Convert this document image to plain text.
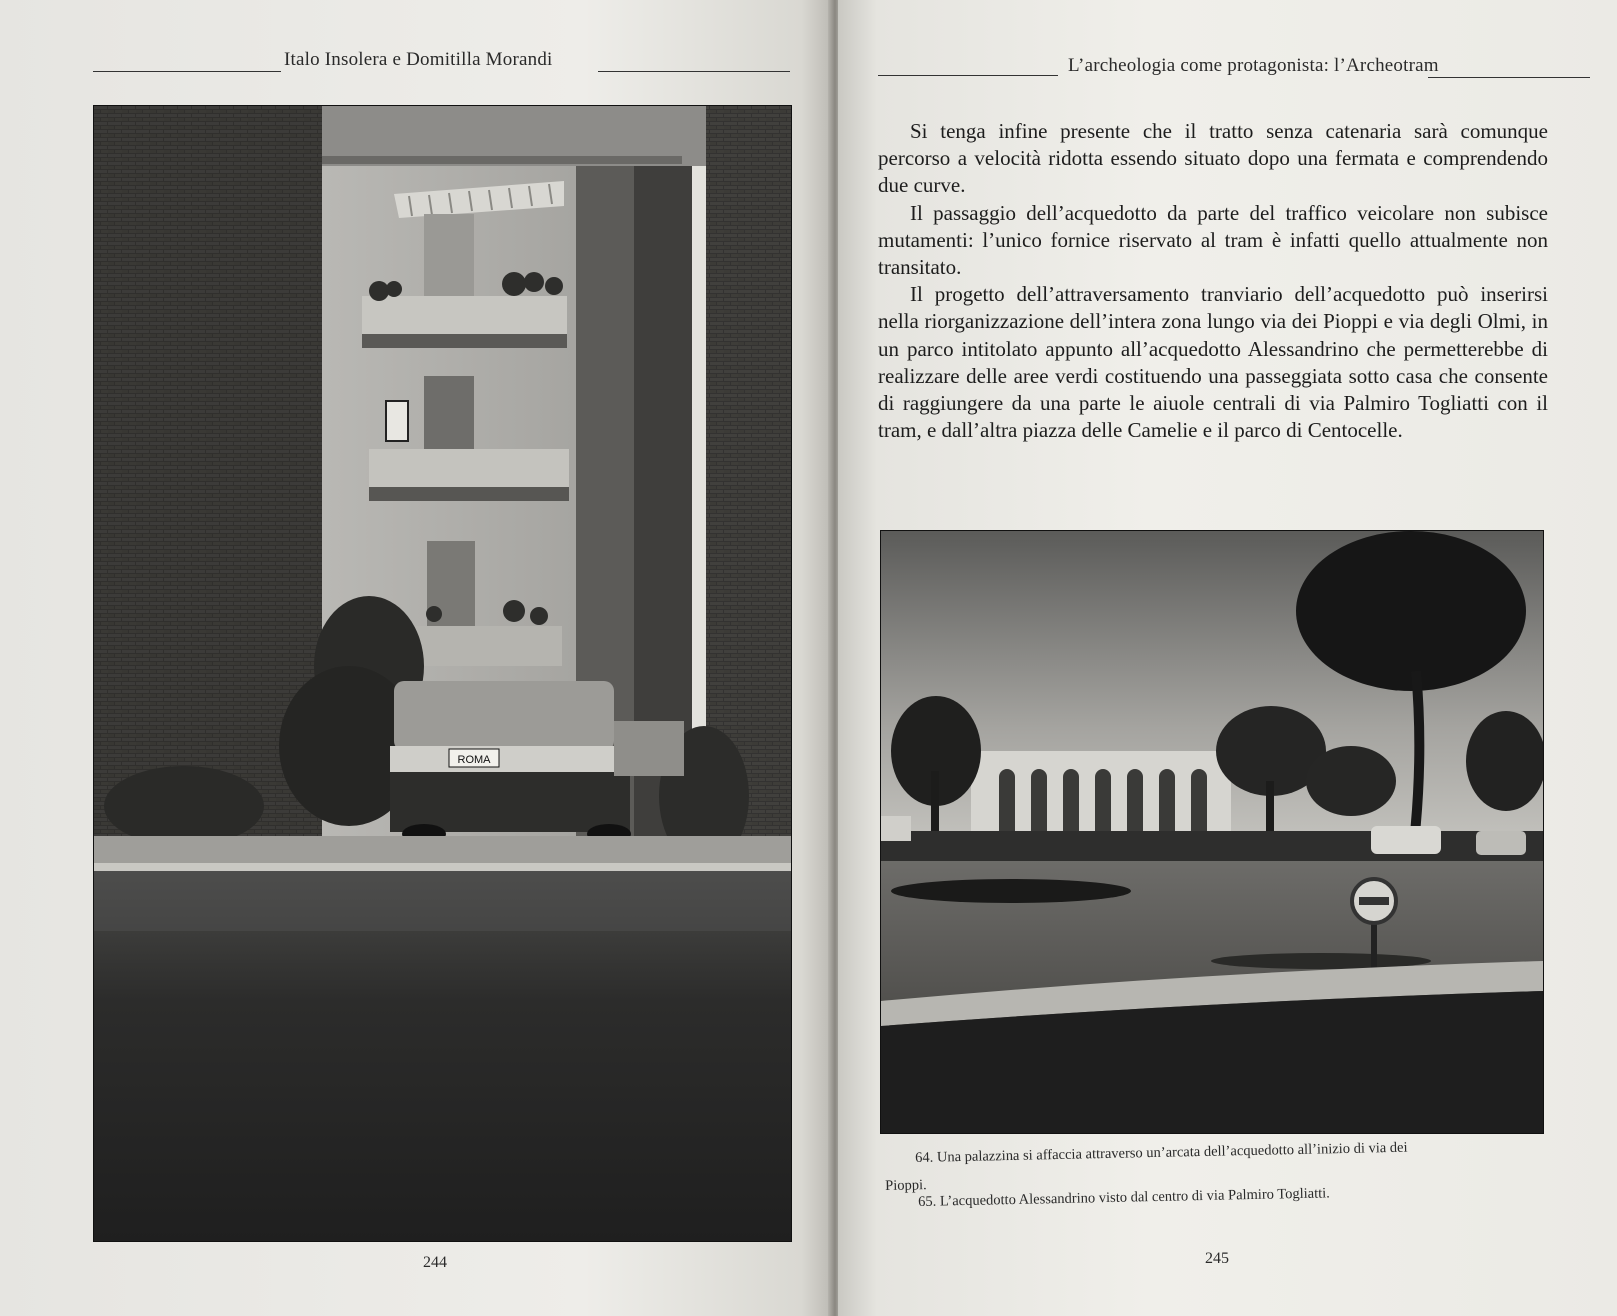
Italo Insolera e Domitilla Morandi
ROMA
244
L’archeologia come protagonista: l’Archeotram

Si tenga infine presente che il tratto senza catenaria sarà comunque percorso a velocità ridotta essendo situato dopo una fermata e comprendendo due curve.

Il passaggio dell’acquedotto da parte del traffico veicolare non subisce mutamenti: l’unico fornice riservato al tram è infatti quello attualmente non transitato.

Il progetto dell’attraversamento tranviario dell’acquedotto può inserirsi nella riorganizzazione dell’intera zona lungo via dei Pioppi e via degli Olmi, in un parco intitolato appunto all’acquedotto Alessandrino che permetterebbe di realizzare delle aree verdi costituendo una passeggiata sotto casa che consente di raggiungere da una parte le aiuole centrali di via Palmiro Togliatti con il tram, e dall’altra piazza delle Camelie e il parco di Centocelle.

64. Una palazzina si affaccia attraverso un’arcata dell’acquedotto all’inizio di via dei
Pioppi.
65. L’acquedotto Alessandrino visto dal centro di via Palmiro Togliatti.
245
